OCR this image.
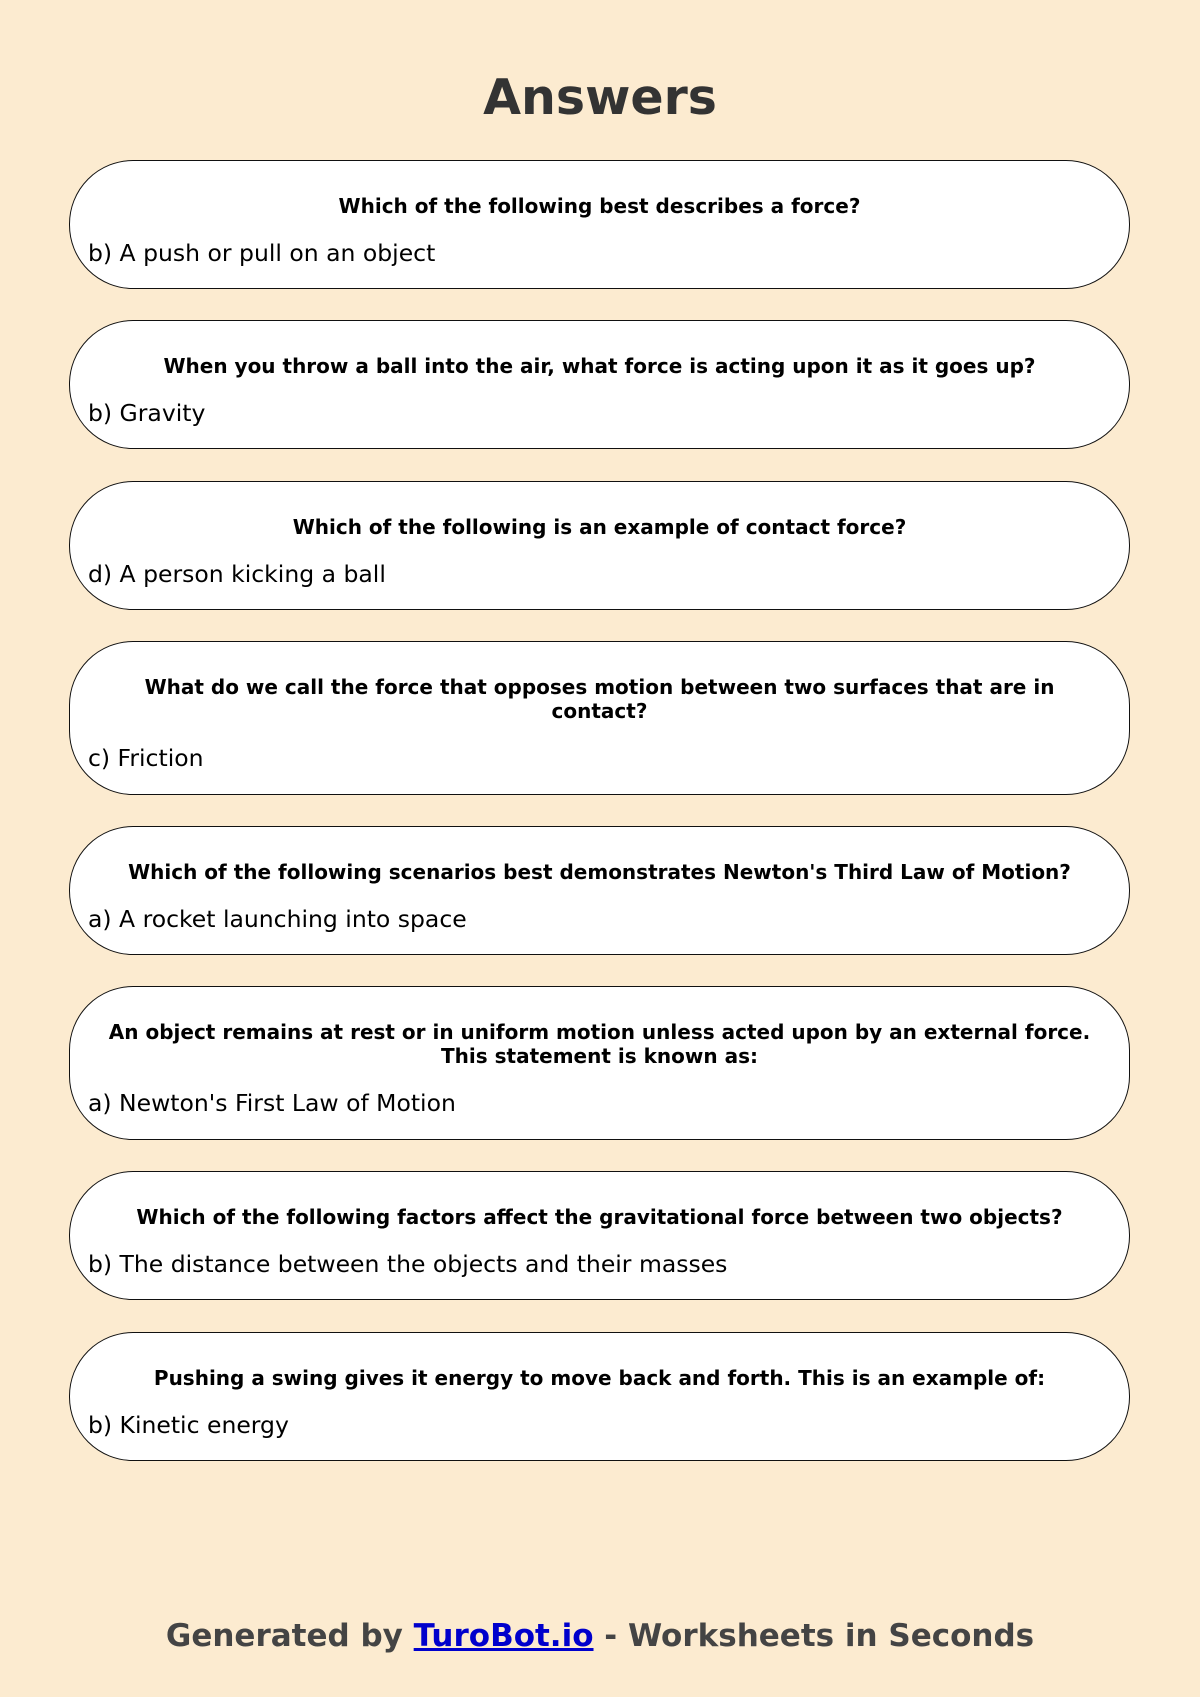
Answers

Which of the following best describes a force?

b) A push or pull on an object

When you throw a ball into the air, what force is acting upon it as it goes up?

b) Gravity

Which of the following is an example of contact force?

d) A person kicking a ball

What do we call the force that opposes motion between two surfaces that are in contact?

c) Friction

Which of the following scenarios best demonstrates Newton's Third Law of Motion?

a) A rocket launching into space

An object remains at rest or in uniform motion unless acted upon by an external force. This statement is known as:

a) Newton's First Law of Motion

Which of the following factors affect the gravitational force between two objects?

b) The distance between the objects and their masses

Pushing a swing gives it energy to move back and forth. This is an example of:

b) Kinetic energy

Generated by TuroBot.io - Worksheets in Seconds
